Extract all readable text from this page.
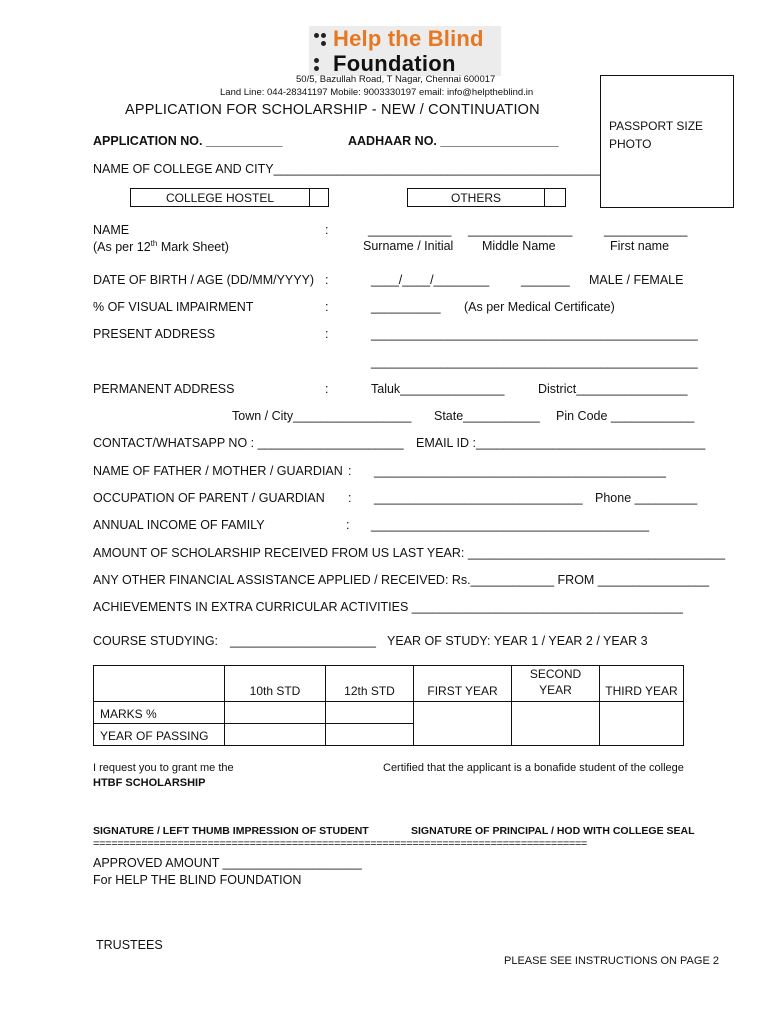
Help the Blind
Foundation
50/5, Bazullah Road, T Nagar, Chennai 600017
Land Line: 044-28341197 Mobile: 9003330197 email: info@helptheblind.in
APPLICATION FOR SCHOLARSHIP - NEW / CONTINUATION
PASSPORT SIZE
PHOTO
APPLICATION NO. ___________	AADHAAR NO. _________________
NAME OF COLLEGE AND CITY_______________________________________________
COLLEGE HOSTEL	OTHERS
NAME
(As per 12th Mark Sheet)
:	____________ _______________	____________
Surname / Initial Middle Name	First name
DATE OF BIRTH / AGE (DD/MM/YYYY) :	____/____/________	_______ MALE / FEMALE
% OF VISUAL IMPAIRMENT	:	__________ (As per Medical Certificate)
PRESENT ADDRESS	:	_______________________________________________
_______________________________________________
PERMANENT ADDRESS	:	Taluk_______________	District________________
Town / City_________________ State___________ Pin Code ____________
CONTACT/WHATSAPP NO : _____________________ EMAIL ID :_________________________________
NAME OF FATHER / MOTHER / GUARDIAN : __________________________________________
OCCUPATION OF PARENT / GUARDIAN : ______________________________ Phone _________
ANNUAL INCOME OF FAMILY	: ________________________________________
AMOUNT OF SCHOLARSHIP RECEIVED FROM US LAST YEAR: _____________________________________
ANY OTHER FINANCIAL ASSISTANCE APPLIED / RECEIVED: Rs.____________ FROM ________________
ACHIEVEMENTS IN EXTRA CURRICULAR ACTIVITIES _______________________________________
COURSE STUDYING: _____________________ YEAR OF STUDY: YEAR 1 / YEAR 2 / YEAR 3
	10th STD	12th STD	FIRST YEAR	SECOND
YEAR	THIRD YEAR
MARKS %					
YEAR OF PASSING					
I request you to grant me the	Certified that the applicant is a bonafide student of the college
HTBF SCHOLARSHIP
SIGNATURE / LEFT THUMB IMPRESSION OF STUDENT	SIGNATURE OF PRINCIPAL / HOD WITH COLLEGE SEAL
==================================================================================
APPROVED AMOUNT ____________________
For HELP THE BLIND FOUNDATION
TRUSTEES
PLEASE SEE INSTRUCTIONS ON PAGE 2
